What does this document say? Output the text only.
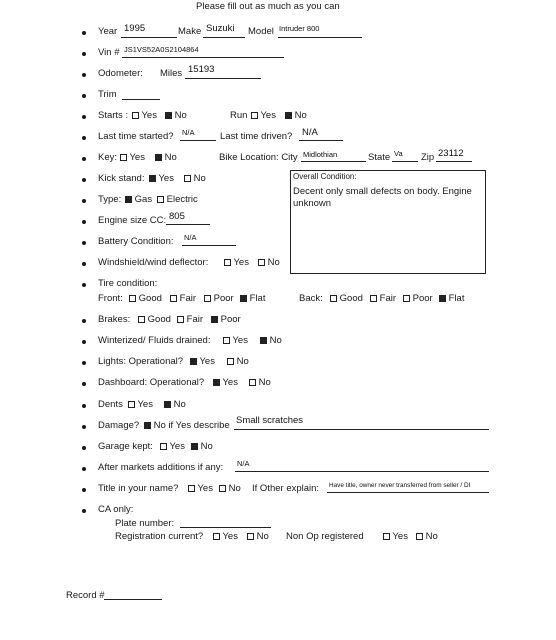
Please fill out as much as you can
Year 1995	Make Suzuki Model Intruder 800
Vin # JS1VS52A0S2104864
Odometer: Miles 15193
Trim
Starts :	Yes	No	Run	Yes	No
Last time started? N/A	Last time driven? N/A
Key:	Yes	No	Bike Location: City Midlothian	State Va Zip 23112
Overall Condition:
Decent only small defects on body. Engine unknown
Kick stand:	Yes	No
Type:	Gas	Electric
Engine size CC: 805
Battery Condition: N/A
Windshield/wind deflector:	Yes	No
Tire condition:
Front:	Good	Fair	Poor	Flat	Back:	Good	Fair	Poor	Flat
Brakes:	Good	Fair	Poor
Winterized/ Fluids drained:	Yes	No
Lights: Operational?	Yes	No
Dashboard: Operational?	Yes	No
Dents	Yes	No
Damage?	No if Yes describe Small scratches
Garage kept:	Yes	No
After markets additions if any: N/A
Title in your name?	Yes	No If Other explain: Have title, owner never transferred from seller / DI
CA only:
Plate number:
Registration current?	Yes	No Non Op registered	Yes	No
Record #
